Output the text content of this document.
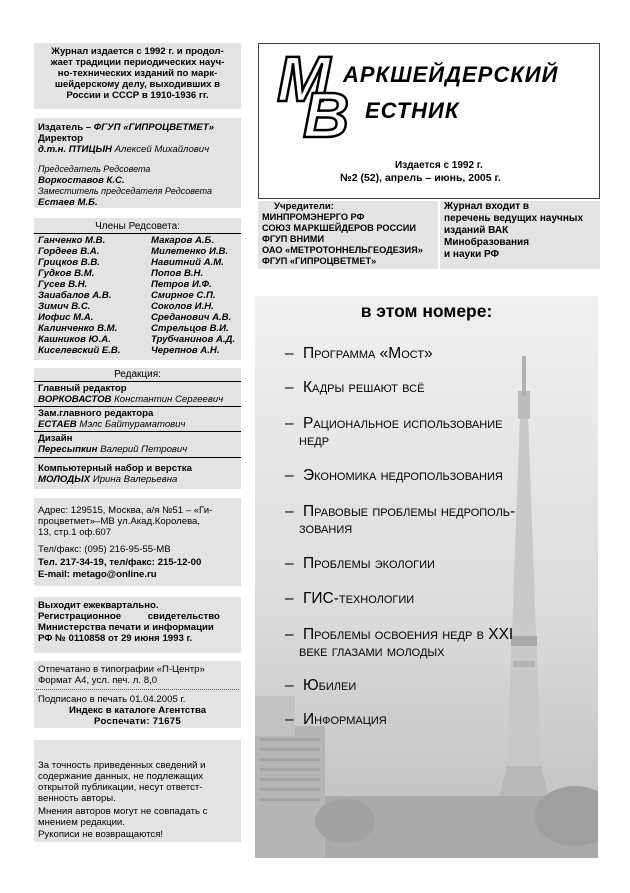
Журнал издается с 1992 г. и продол-
жает традиции периодических науч-
но-технических изданий по марк-
шейдерскому делу, выходивших в
России и СССР в 1910-1936 гг.
Издатель – ФГУП «ГИПРОЦВЕТМЕТ»
Директор
д.т.н. ПТИЦЫН Алексей Михайлович
Председатель Редсовета
Воркоставов К.С.
Заместитель председателя Редсовета
Естаев М.Б.
Члены Редсовета:
Ганченко М.В.
Гордеев В.А.
Грицков В.В.
Гудков В.М.
Гусев В.Н.
Заиабалов А.В.
Зимич В.С.
Иофис М.А.
Калинченко В.М.
Кашников Ю.А.
Киселевский Е.В.
Макаров А.Б.
Милетенко И.В.
Навитний А.М.
Попов В.Н.
Петров И.Ф.
Смирное С.П.
Соколов И.Н.
Среданович А.В.
Стрельцов В.И.
Трубчанинов А.Д.
Черепнов А.Н.
Редакция:
Главный редактор
ВОРКОВАСТОВ Константин Сергеевич
Зам.главного редактора
ЕСТАЕВ Мэлс Байтураматович
Дизайн
Пересыпкин Валерий Петрович
Компьютерный набор и верстка
МОЛОДЫХ Ирина Валерьевна
Адрес: 129515, Москва, а/я №51 – «Ги-
процветмет»–МВ ул.Акад.Королева,
13, стр.1 оф.607
Тел/факс: (095) 216-95-55-МВ
Тел. 217-34-19, тел/факс: 215-12-00
E-mail: metago@online.ru
Выходит ежеквартально.
Регистрационное          свидетельство
Министерства печати и информации
РФ № 0110858 от 29 июня 1993 г.
Отпечатано в типографии «П-Центр»
Формат А4, усл. печ. л. 8,0
Подписано в печать 01.04.2005 г.
Индекс в каталоге Агентства
Роспечати: 71675
За точность приведенных сведений и
содержание данных, не подлежащих
открытой публикации, несут ответст-
венность авторы.
Мнения авторов могут не совпадать с
мнением редакции.
Рукописи не возвращаются!
М
В
АРКШЕЙДЕРСКИЙ
ЕСТНИК
Издается с 1992 г.
№2 (52), апрель – июнь, 2005 г.
Учредители:
МИНПРОМЭНЕРГО РФ
СОЮЗ МАРКШЕЙДЕРОВ РОССИИ
ФГУП ВНИМИ
ОАО «МЕТРОТОННЕЛЬГЕОДЕЗИЯ»
ФГУП «ГИПРОЦВЕТМЕТ»
Журнал входит в
перечень ведущих научных
изданий ВАК
Минобразования
и науки РФ
в этом номере:
– Программа «Мост»
– Кадры решают всё
– Рациональное использование
недр
– Экономика недропользования
– Правовые проблемы недрополь-
зования
– Проблемы экологии
– ГИС-технологии
– Проблемы освоения недр в XXI
веке глазами молодых
– Юбилеи
– Информация
